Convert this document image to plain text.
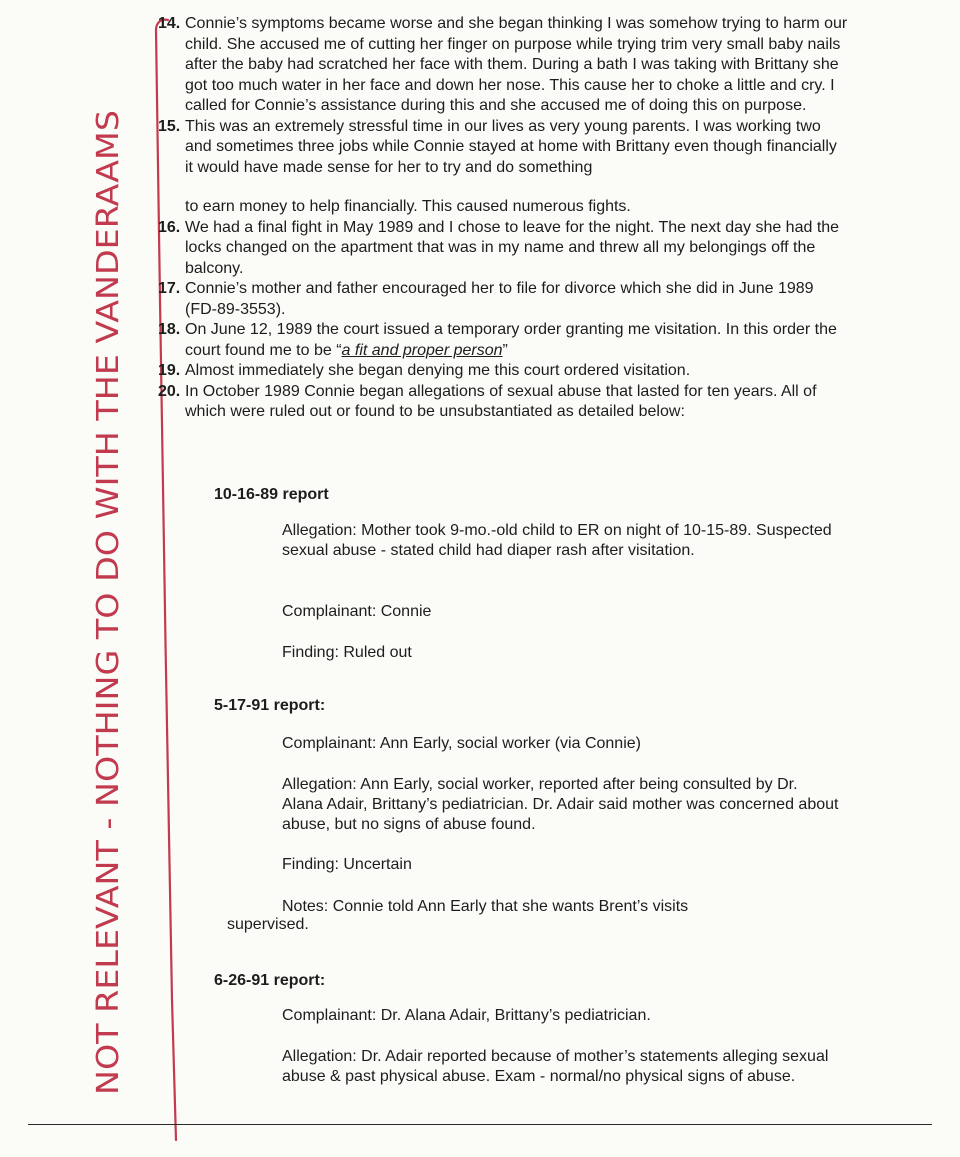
NOT RELEVANT - NOTHING TO DO WITH THE VANDERAAMS
14. Connie’s symptoms became worse and she began thinking I was somehow trying to harm our child. She accused me of cutting her finger on purpose while trying trim very small baby nails after the baby had scratched her face with them. During a bath I was taking with Brittany she got too much water in her face and down her nose. This cause her to choke a little and cry. I called for Connie’s assistance during this and she accused me of doing this on purpose.
15. This was an extremely stressful time in our lives as very young parents. I was working two and sometimes three jobs while Connie stayed at home with Brittany even though financially it would have made sense for her to try and do something
to earn money to help financially. This caused numerous fights.
16. We had a final fight in May 1989 and I chose to leave for the night. The next day she had the locks changed on the apartment that was in my name and threw all my belongings off the balcony.
17. Connie’s mother and father encouraged her to file for divorce which she did in June 1989 (FD-89-3553).
18. On June 12, 1989 the court issued a temporary order granting me visitation. In this order the court found me to be “a fit and proper person”
19. Almost immediately she began denying me this court ordered visitation.
20. In October 1989 Connie began allegations of sexual abuse that lasted for ten years. All of which were ruled out or found to be unsubstantiated as detailed below:
10-16-89 report
Allegation: Mother took 9-mo.-old child to ER on night of 10-15-89. Suspected sexual abuse - stated child had diaper rash after visitation.
Complainant: Connie
Finding: Ruled out
5-17-91 report:
Complainant: Ann Early, social worker (via Connie)
Allegation: Ann Early, social worker, reported after being consulted by Dr. Alana Adair, Brittany’s pediatrician. Dr. Adair said mother was concerned about abuse, but no signs of abuse found.
Finding: Uncertain
Notes: Connie told Ann Early that she wants Brent’s visits
supervised.
6-26-91 report:
Complainant: Dr. Alana Adair, Brittany’s pediatrician.
Allegation: Dr. Adair reported because of mother’s statements alleging sexual abuse & past physical abuse. Exam - normal/no physical signs of abuse.
